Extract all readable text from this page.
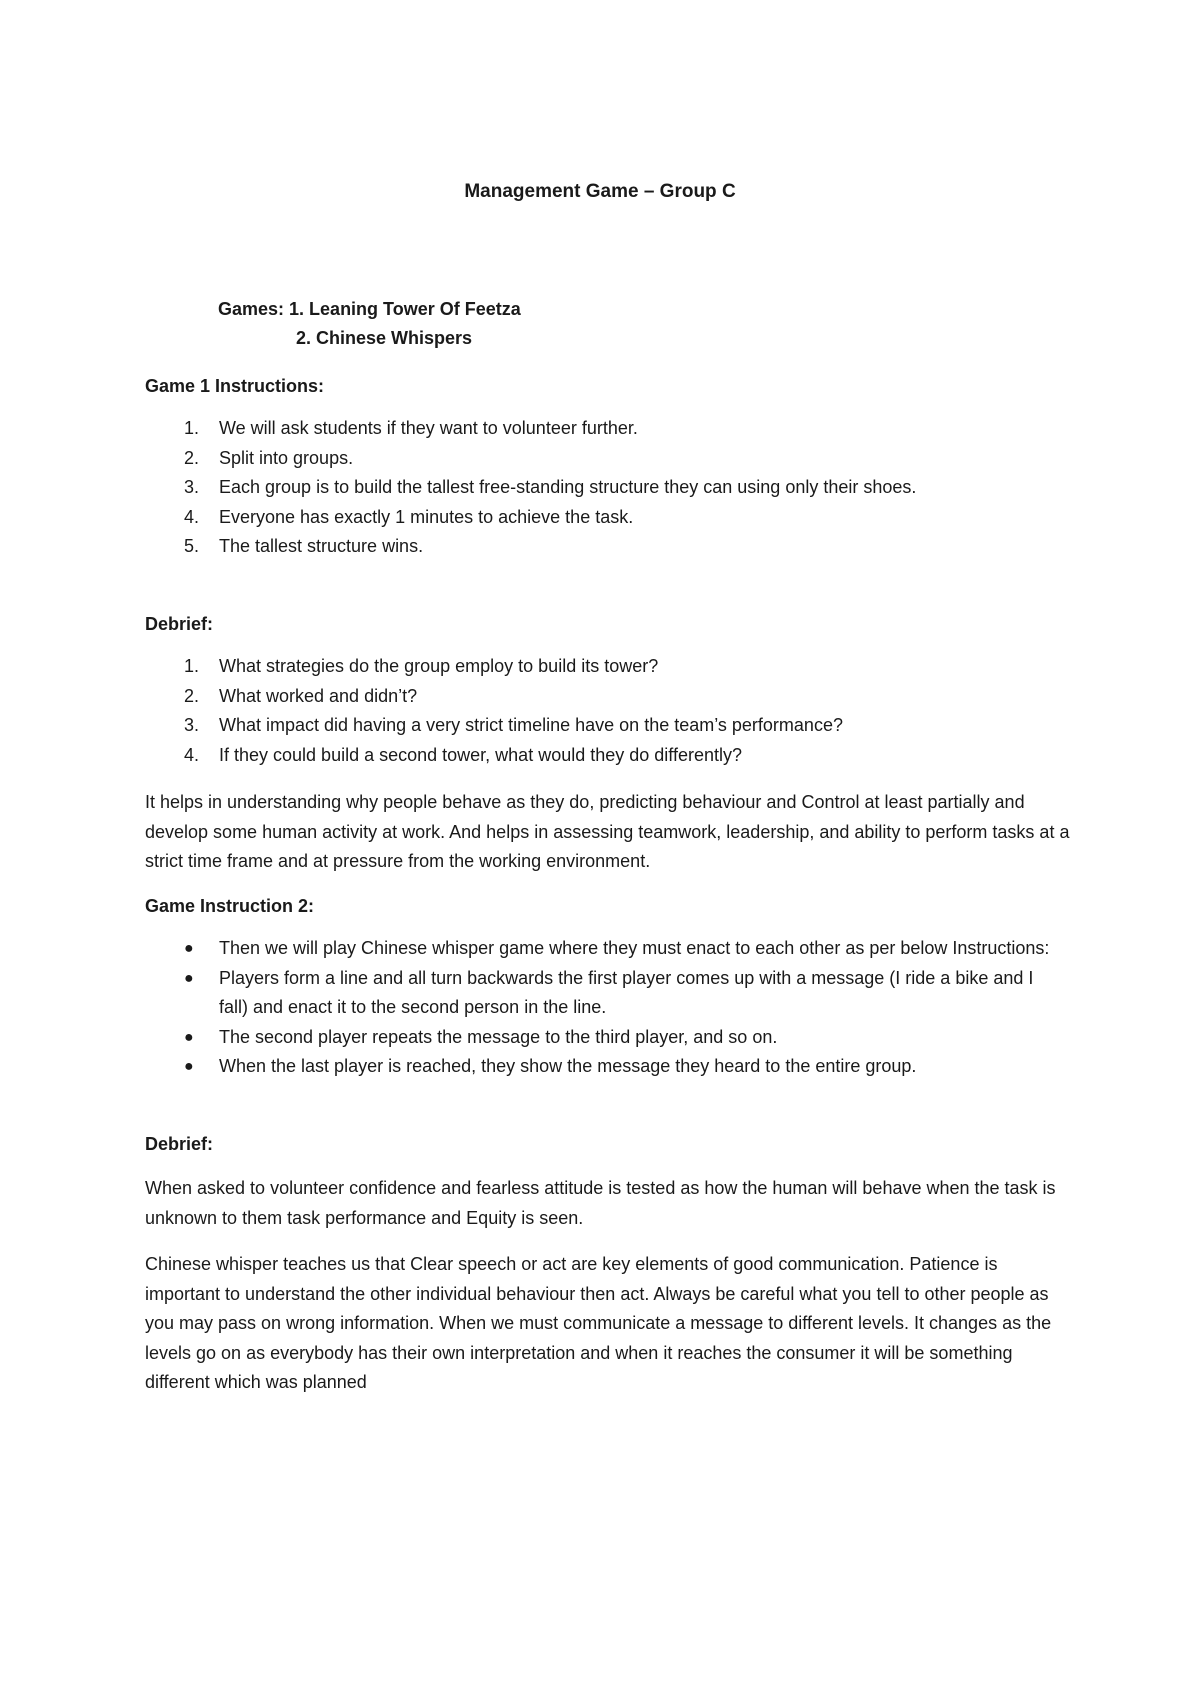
Management Game – Group C
Games: 1. Leaning Tower Of Feetza
2. Chinese Whispers
Game 1 Instructions:
1. We will ask students if they want to volunteer further.
2. Split into groups.
3. Each group is to build the tallest free-standing structure they can using only their shoes.
4. Everyone has exactly 1 minutes to achieve the task.
5. The tallest structure wins.
Debrief:
1. What strategies do the group employ to build its tower?
2. What worked and didn’t?
3. What impact did having a very strict timeline have on the team’s performance?
4. If they could build a second tower, what would they do differently?

It helps in understanding why people behave as they do, predicting behaviour and Control at least partially and develop some human activity at work. And helps in assessing teamwork, leadership, and ability to perform tasks at a strict time frame and at pressure from the working environment.

Game Instruction 2:
● Then we will play Chinese whisper game where they must enact to each other as per below Instructions:
● Players form a line and all turn backwards the first player comes up with a message (I ride a bike and I fall) and enact it to the second person in the line.
● The second player repeats the message to the third player, and so on.
● When the last player is reached, they show the message they heard to the entire group.
Debrief:

When asked to volunteer confidence and fearless attitude is tested as how the human will behave when the task is unknown to them task performance and Equity is seen.

Chinese whisper teaches us that Clear speech or act are key elements of good communication. Patience is important to understand the other individual behaviour then act. Always be careful what you tell to other people as you may pass on wrong information. When we must communicate a message to different levels. It changes as the levels go on as everybody has their own interpretation and when it reaches the consumer it will be something different which was planned
